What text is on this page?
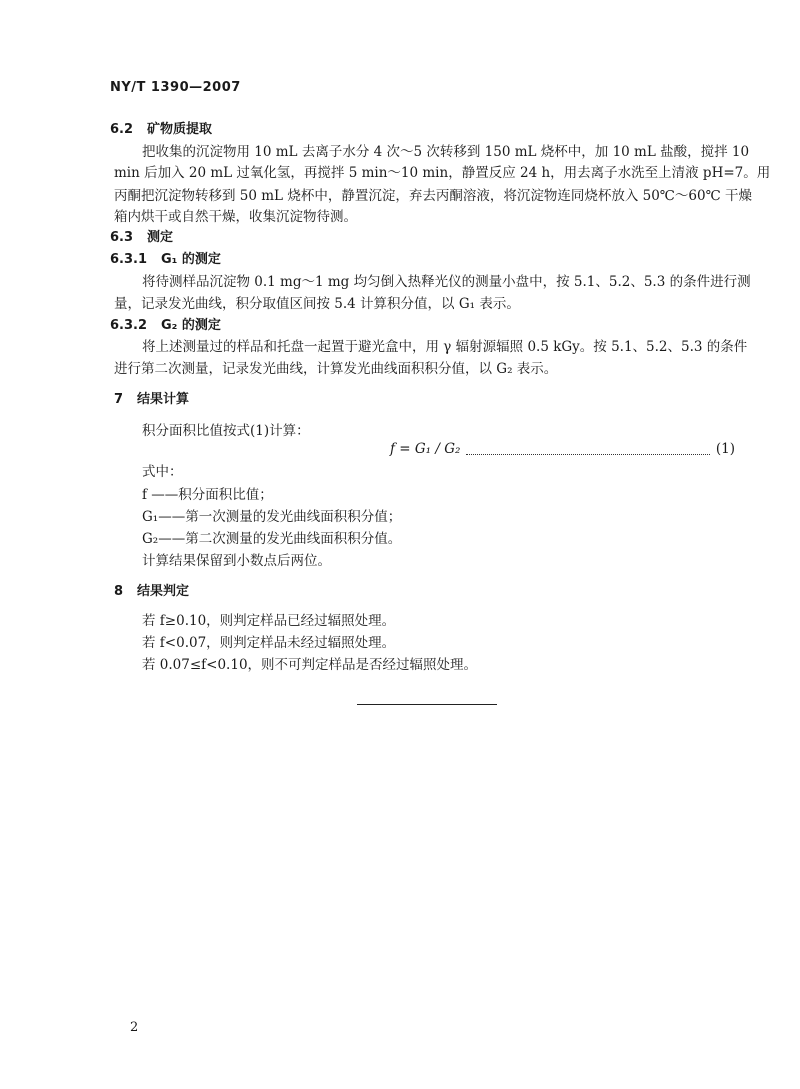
NY/T 1390—2007
6.2 矿物质提取
把收集的沉淀物用 10 mL 去离子水分 4 次～5 次转移到 150 mL 烧杯中，加 10 mL 盐酸，搅拌 10
min 后加入 20 mL 过氧化氢，再搅拌 5 min～10 min，静置反应 24 h，用去离子水洗至上清液 pH=7。用
丙酮把沉淀物转移到 50 mL 烧杯中，静置沉淀，弃去丙酮溶液，将沉淀物连同烧杯放入 50℃～60℃ 干燥
箱内烘干或自然干燥，收集沉淀物待测。
6.3 测定
6.3.1 G₁ 的测定
将待测样品沉淀物 0.1 mg～1 mg 均匀倒入热释光仪的测量小盘中，按 5.1、5.2、5.3 的条件进行测
量，记录发光曲线，积分取值区间按 5.4 计算积分值，以 G₁ 表示。
6.3.2 G₂ 的测定
将上述测量过的样品和托盘一起置于避光盒中，用 γ 辐射源辐照 0.5 kGy。按 5.1、5.2、5.3 的条件
进行第二次测量，记录发光曲线，计算发光曲线面积积分值，以 G₂ 表示。
7 结果计算
积分面积比值按式(1)计算：
f = G₁ / G₂	(1)
式中：
f ——积分面积比值；
G₁——第一次测量的发光曲线面积积分值；
G₂——第二次测量的发光曲线面积积分值。
计算结果保留到小数点后两位。
8 结果判定
若 f≥0.10，则判定样品已经过辐照处理。
若 f<0.07，则判定样品未经过辐照处理。
若 0.07≤f<0.10，则不可判定样品是否经过辐照处理。
2
